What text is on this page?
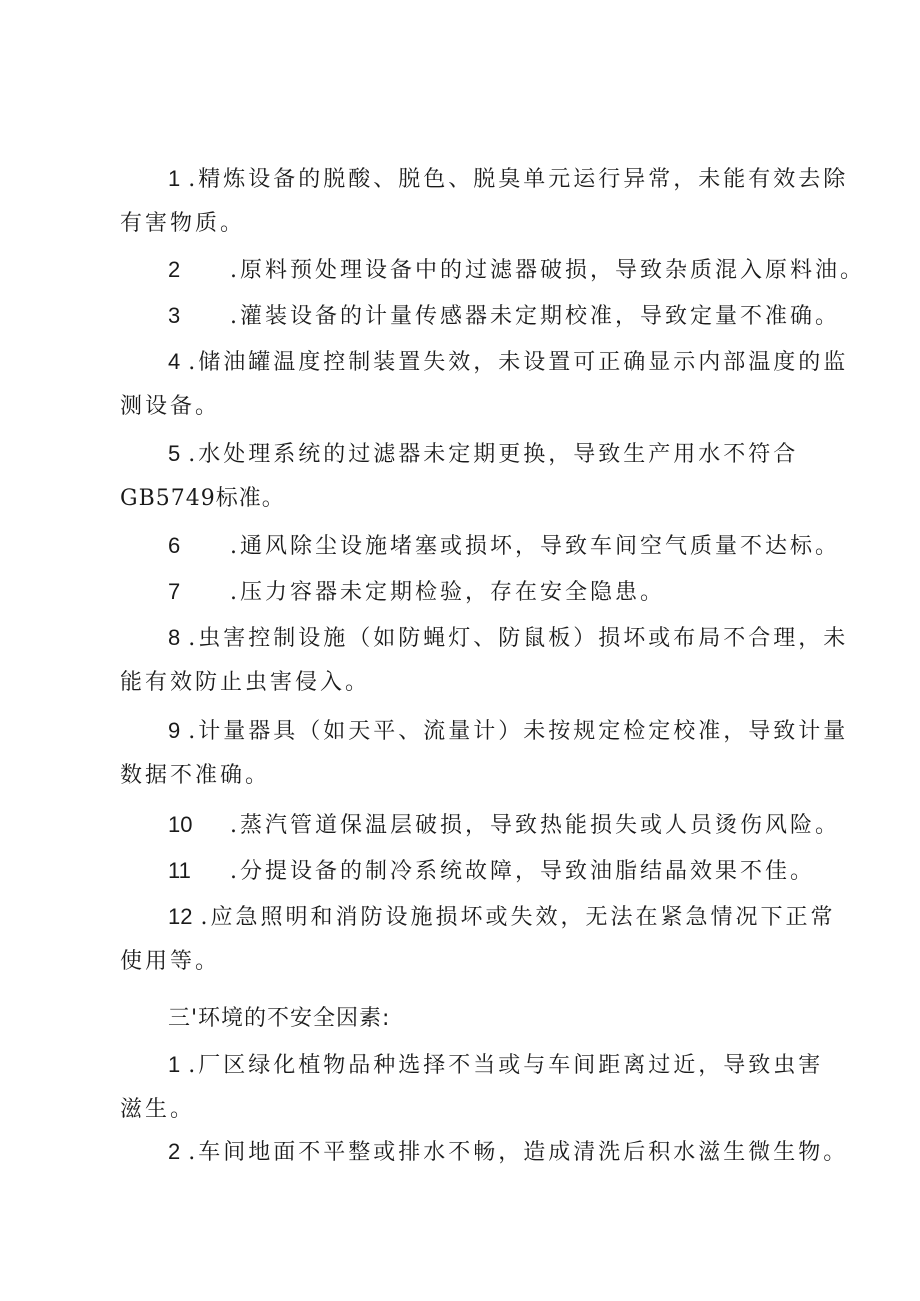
1 .精炼设备的脱酸、脱色、脱臭单元运行异常，未能有效去除
有害物质。
2 .原料预处理设备中的过滤器破损，导致杂质混入原料油。
3 .灌装设备的计量传感器未定期校准，导致定量不准确。
4 .储油罐温度控制装置失效，未设置可正确显示内部温度的监
测设备。
5 .水处理系统的过滤器未定期更换，导致生产用水不符合
GB5749标准。
6 .通风除尘设施堵塞或损坏，导致车间空气质量不达标。
7 .压力容器未定期检验，存在安全隐患。
8 .虫害控制设施（如防蝇灯、防鼠板）损坏或布局不合理，未
能有效防止虫害侵入。
9 .计量器具（如天平、流量计）未按规定检定校准，导致计量
数据不准确。
10 .蒸汽管道保温层破损，导致热能损失或人员烫伤风险。
11 .分提设备的制冷系统故障，导致油脂结晶效果不佳。
12 .应急照明和消防设施损坏或失效，无法在紧急情况下正常
使用等。
三'环境的不安全因素:
1 .厂区绿化植物品种选择不当或与车间距离过近，导致虫害
滋生。
2 .车间地面不平整或排水不畅，造成清洗后积水滋生微生物。
